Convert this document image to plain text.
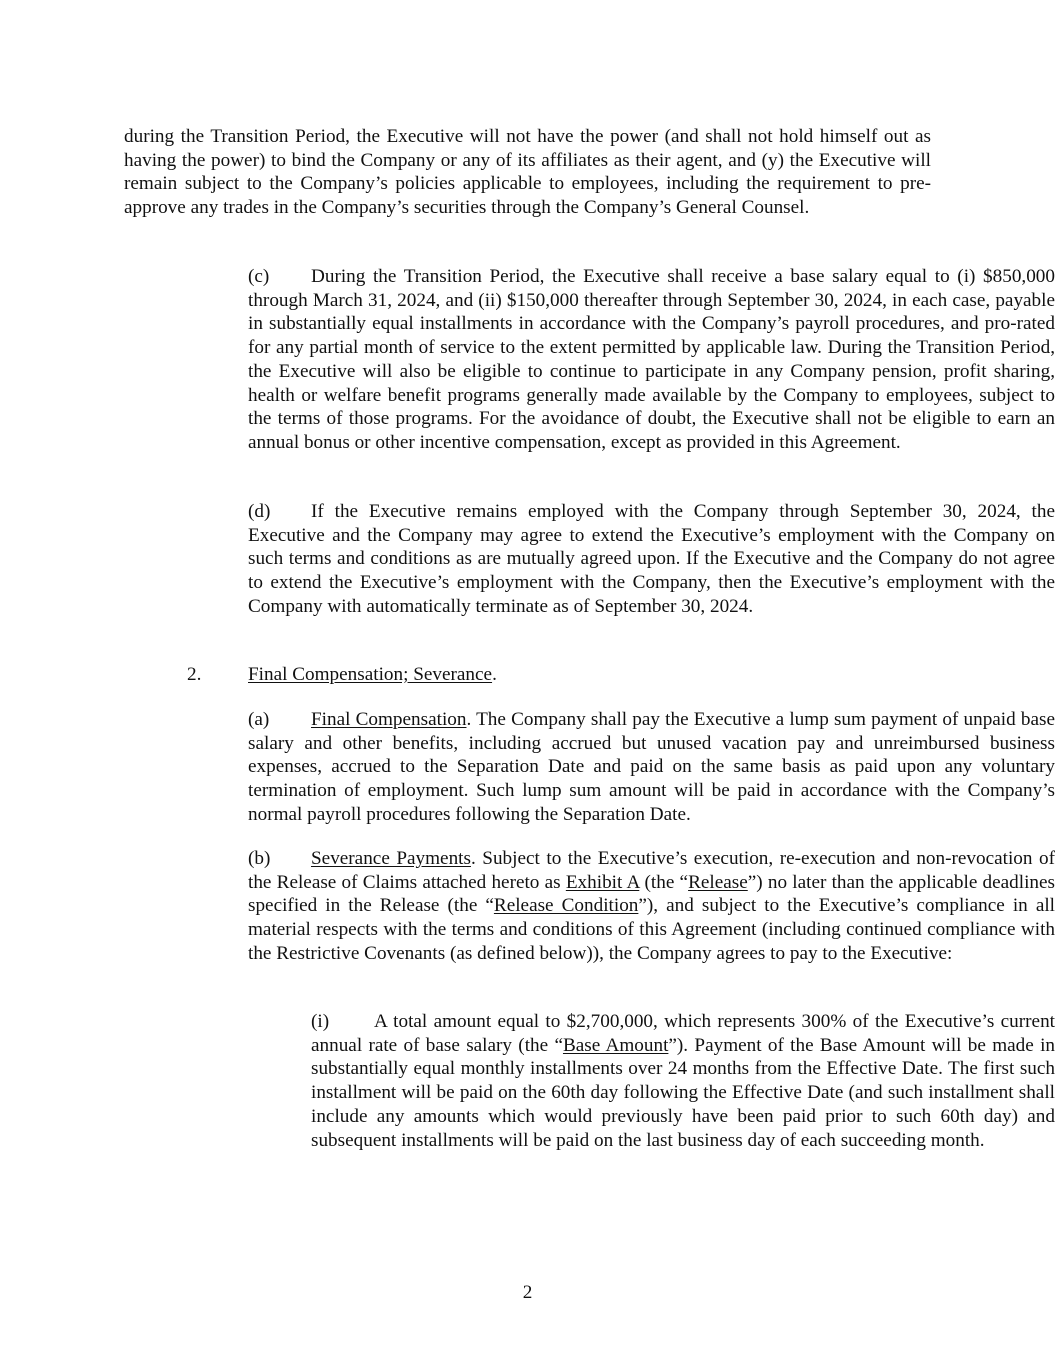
during the Transition Period, the Executive will not have the power (and shall not hold himself out as having the power) to bind the Company or any of its affiliates as their agent, and (y) the Executive will remain subject to the Company’s policies applicable to employees, including the requirement to pre-approve any trades in the Company’s securities through the Company’s General Counsel.

(c) During the Transition Period, the Executive shall receive a base salary equal to (i) $850,000 through March 31, 2024, and (ii) $150,000 thereafter through September 30, 2024, in each case, payable in substantially equal installments in accordance with the Company’s payroll procedures, and pro-rated for any partial month of service to the extent permitted by applicable law. During the Transition Period, the Executive will also be eligible to continue to participate in any Company pension, profit sharing, health or welfare benefit programs generally made available by the Company to employees, subject to the terms of those programs. For the avoidance of doubt, the Executive shall not be eligible to earn an annual bonus or other incentive compensation, except as provided in this Agreement.

(d) If the Executive remains employed with the Company through September 30, 2024, the Executive and the Company may agree to extend the Executive’s employment with the Company on such terms and conditions as are mutually agreed upon. If the Executive and the Company do not agree to extend the Executive’s employment with the Company, then the Executive’s employment with the Company with automatically terminate as of September 30, 2024.

2. Final Compensation; Severance.

(a) Final Compensation. The Company shall pay the Executive a lump sum payment of unpaid base salary and other benefits, including accrued but unused vacation pay and unreimbursed business expenses, accrued to the Separation Date and paid on the same basis as paid upon any voluntary termination of employment. Such lump sum amount will be paid in accordance with the Company’s normal payroll procedures following the Separation Date.

(b) Severance Payments. Subject to the Executive’s execution, re-execution and non-revocation of the Release of Claims attached hereto as Exhibit A (the “Release”) no later than the applicable deadlines specified in the Release (the “Release Condition”), and subject to the Executive’s compliance in all material respects with the terms and conditions of this Agreement (including continued compliance with the Restrictive Covenants (as defined below)), the Company agrees to pay to the Executive:

(i) A total amount equal to $2,700,000, which represents 300% of the Executive’s current annual rate of base salary (the “Base Amount”). Payment of the Base Amount will be made in substantially equal monthly installments over 24 months from the Effective Date. The first such installment will be paid on the 60th day following the Effective Date (and such installment shall include any amounts which would previously have been paid prior to such 60th day) and subsequent installments will be paid on the last business day of each succeeding month.

2
